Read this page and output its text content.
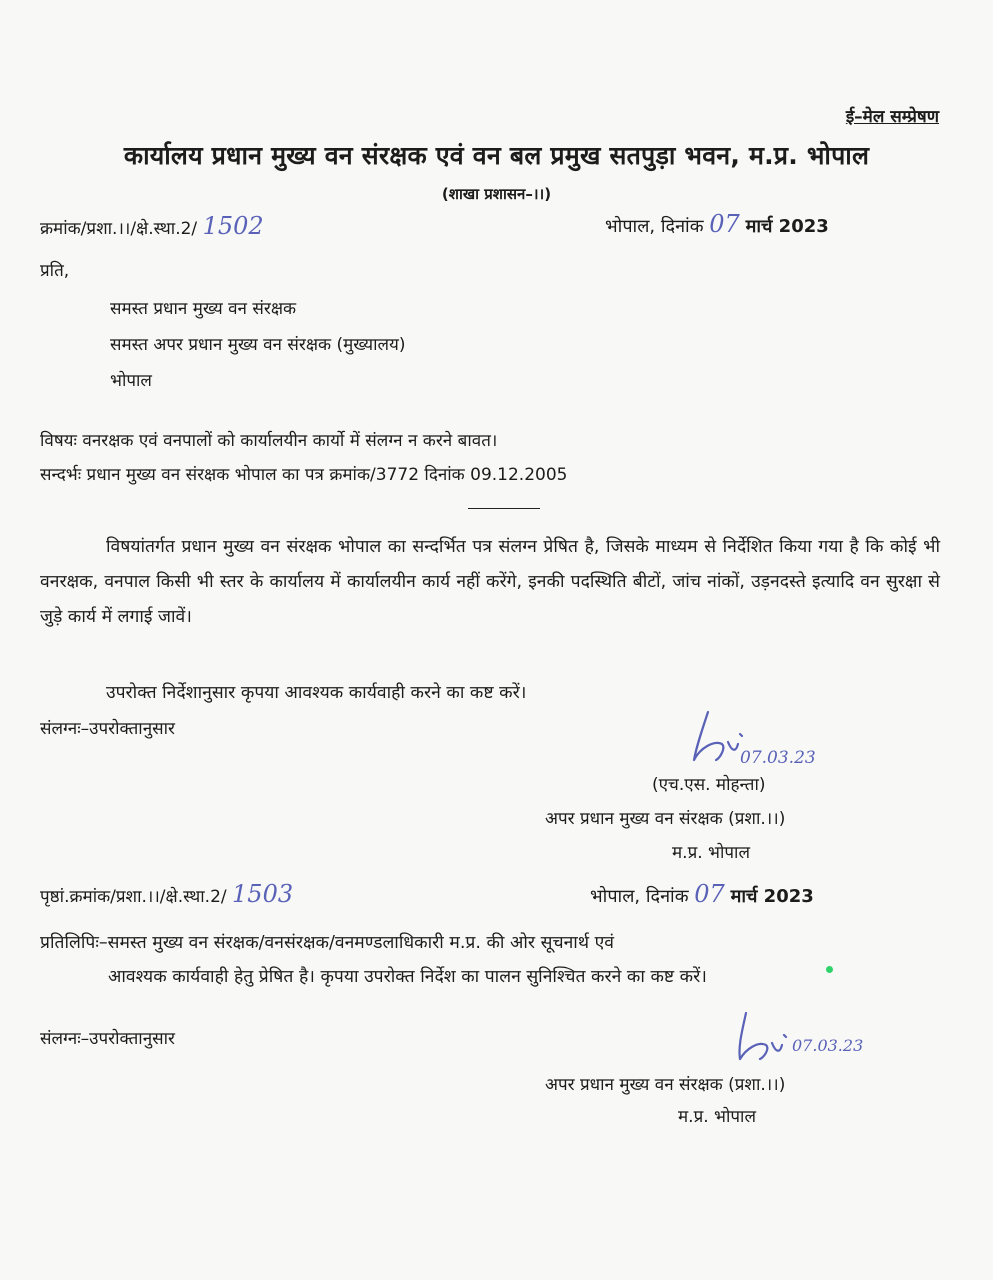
ई–मेल सम्प्रेषण
कार्यालय प्रधान मुख्य वन संरक्षक एवं वन बल प्रमुख सतपुड़ा भवन, म.प्र. भोपाल
(शाखा प्रशासन–।।)
क्रमांक/प्रशा.।।/क्षे.स्था.2/ 1502	भोपाल, दिनांक 07 मार्च 2023
प्रति,
समस्त प्रधान मुख्य वन संरक्षक
समस्त अपर प्रधान मुख्य वन संरक्षक (मुख्यालय)
भोपाल
विषयः वनरक्षक एवं वनपालों को कार्यालयीन कार्यो में संलग्न न करने बावत।
सन्दर्भः प्रधान मुख्य वन संरक्षक भोपाल का पत्र क्रमांक/3772 दिनांक 09.12.2005
विषयांतर्गत प्रधान मुख्य वन संरक्षक भोपाल का सन्दर्भित पत्र संलग्न प्रेषित है, जिसके माध्यम से निर्देशित किया गया है कि कोई भी वनरक्षक, वनपाल किसी भी स्तर के कार्यालय में कार्यालयीन कार्य नहीं करेंगे, इनकी पदस्थिति बीटों, जांच नांकों, उड़नदस्ते इत्यादि वन सुरक्षा से जुड़े कार्य में लगाई जावें।
उपरोक्त निर्देशानुसार कृपया आवश्यक कार्यवाही करने का कष्ट करें।
संलग्नः–उपरोक्तानुसार
07.03.23
(एच.एस. मोहन्ता)
अपर प्रधान मुख्य वन संरक्षक (प्रशा.।।)
म.प्र. भोपाल
पृष्ठां.क्रमांक/प्रशा.।।/क्षे.स्था.2/ 1503	भोपाल, दिनांक 07 मार्च 2023
प्रतिलिपिः–समस्त मुख्य वन संरक्षक/वनसंरक्षक/वनमण्डलाधिकारी म.प्र. की ओर सूचनार्थ एवं
आवश्यक कार्यवाही हेतु प्रेषित है। कृपया उपरोक्त निर्देश का पालन सुनिश्चित करने का कष्ट करें।
संलग्नः–उपरोक्तानुसार	07.03.23
अपर प्रधान मुख्य वन संरक्षक (प्रशा.।।)
म.प्र. भोपाल
